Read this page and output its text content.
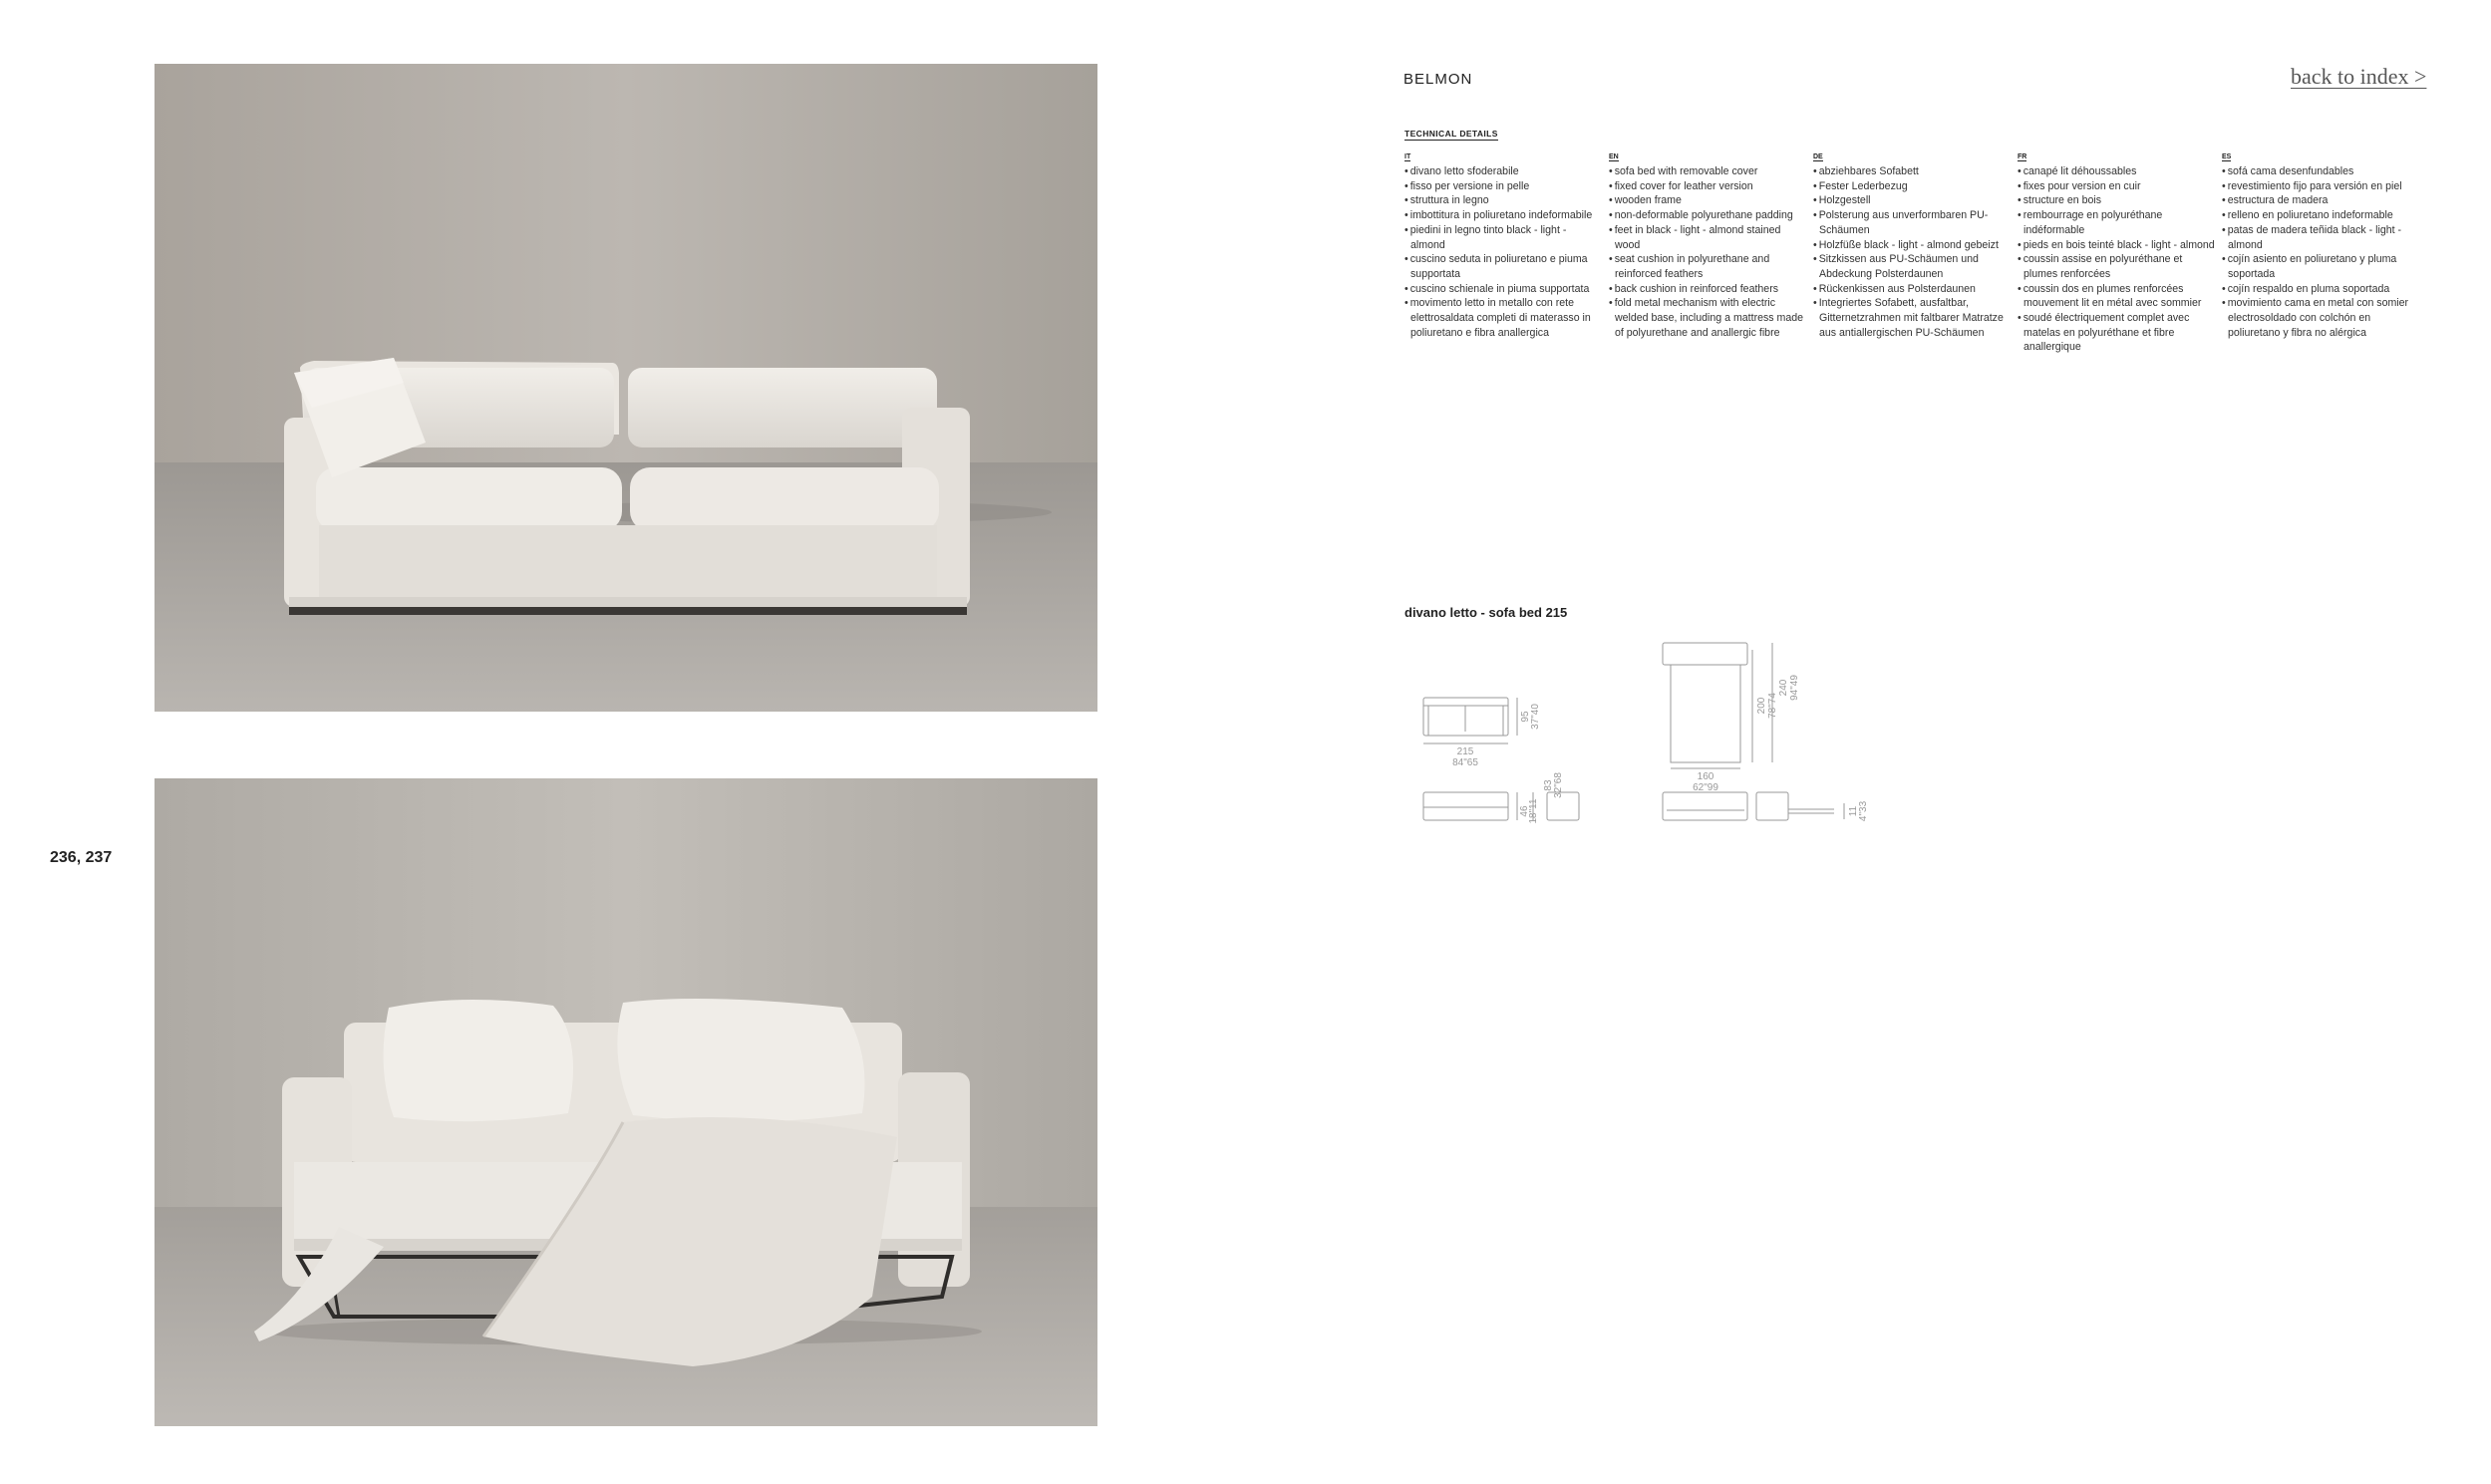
236, 237
BELMON	back to index >
TECHNICAL DETAILS
IT
• divano letto sfoderabile
• fisso per versione in pelle
• struttura in legno
• imbottitura in poliuretano indeformabile
• piedini in legno tinto black - light - almond
• cuscino seduta in poliuretano e piuma supportata
• cuscino schienale in piuma supportata
• movimento letto in metallo con rete elettrosaldata completi di materasso in poliuretano e fibra anallergica
EN
• sofa bed with removable cover
• fixed cover for leather version
• wooden frame
• non-deformable polyurethane padding
• feet in black - light - almond stained wood
• seat cushion in polyurethane and reinforced feathers
• back cushion in reinforced feathers
• fold metal mechanism with electric welded base, including a mattress made of polyurethane and anallergic fibre
DE
• abziehbares Sofabett
• Fester Lederbezug
• Holzgestell
• Polsterung aus unverformbaren PU-Schäumen
• Holzfüße black - light - almond gebeizt
• Sitzkissen aus PU-Schäumen und Abdeckung Polsterdaunen
• Rückenkissen aus Polsterdaunen
• Integriertes Sofabett, ausfaltbar, Gitternetzrahmen mit faltbarer Matratze aus antiallergischen PU-Schäumen
FR
• canapé lit déhoussables
• fixes pour version en cuir
• structure en bois
• rembourrage en polyuréthane indéformable
• pieds en bois teinté black - light - almond
• coussin assise en polyuréthane et plumes renforcées
• coussin dos en plumes renforcées mouvement lit en métal avec sommier
• soudé électriquement complet avec matelas en polyuréthane et fibre anallergique
ES
• sofá cama desenfundables
• revestimiento fijo para versión en piel
• estructura de madera
• relleno en poliuretano indeformable
• patas de madera teñida black - light - almond
• cojín asiento en poliuretano y pluma soportada
• cojín respaldo en pluma soportada
• movimiento cama en metal con somier electrosoldado con colchón en poliuretano y fibra no alérgica
divano letto - sofa bed 215
215
84"65
95 37"40
46
18"11
83 32"68	160
62"99
200 78"74
240 94"49
11 4"33
